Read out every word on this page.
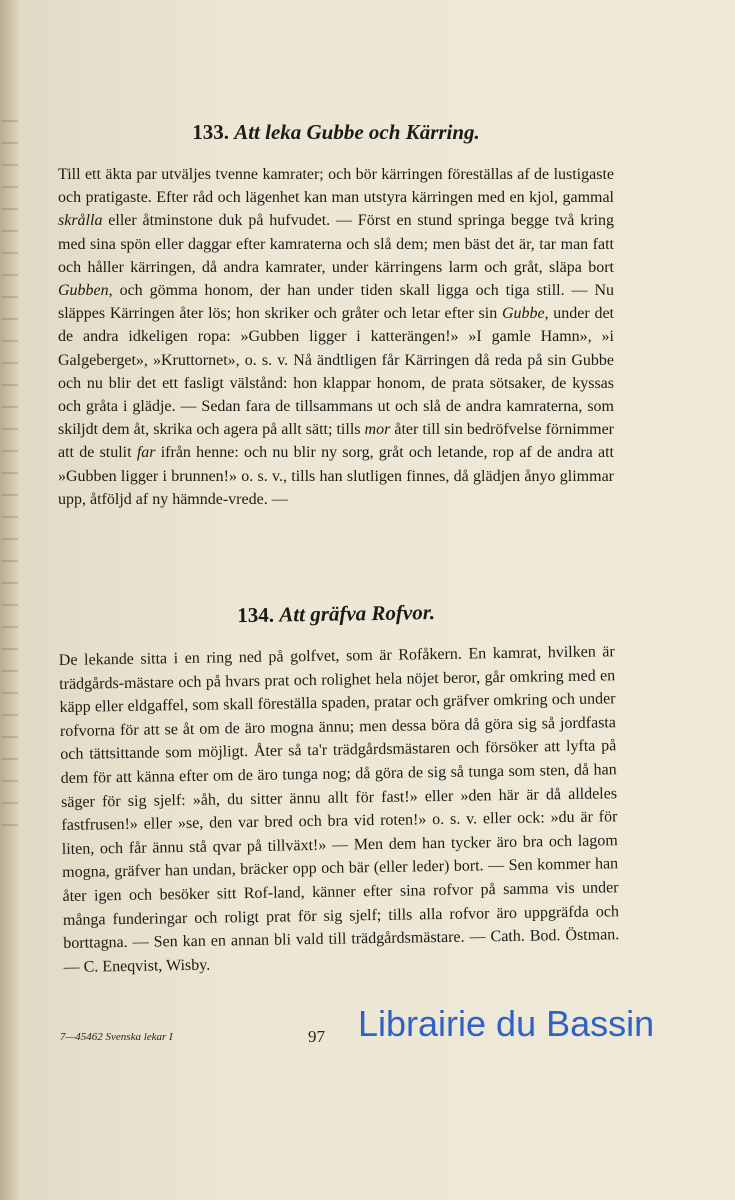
133. Att leka Gubbe och Kärring.

Till ett äkta par utväljes tvenne kamrater; och bör kärringen föreställas af de lustigaste och pratigaste. Efter råd och lägenhet kan man utstyra kärringen med en kjol, gammal skrålla eller åtminstone duk på hufvudet. — Först en stund springa begge två kring med sina spön eller daggar efter kamraterna och slå dem; men bäst det är, tar man fatt och håller kärringen, då andra kamrater, under kärringens larm och gråt, släpa bort Gubben, och gömma honom, der han under tiden skall ligga och tiga still. — Nu släppes Kärringen åter lös; hon skriker och gråter och letar efter sin Gubbe, under det de andra idkeligen ropa: »Gubben ligger i katterängen!» »I gamle Hamn», »i Galgeberget», »Kruttornet», o. s. v. Nå ändtligen får Kärringen då reda på sin Gubbe och nu blir det ett fasligt välstånd: hon klappar honom, de prata sötsaker, de kyssas och gråta i glädje. — Sedan fara de tillsammans ut och slå de andra kamraterna, som skiljdt dem åt, skrika och agera på allt sätt; tills mor åter till sin bedröfvelse förnimmer att de stulit far ifrån henne: och nu blir ny sorg, gråt och letande, rop af de andra att »Gubben ligger i brunnen!» o. s. v., tills han slutligen finnes, då glädjen ånyo glimmar upp, åtföljd af ny hämnde-vrede. —

134. Att gräfva Rofvor.

De lekande sitta i en ring ned på golfvet, som är Rofåkern. En kamrat, hvilken är trädgårds-mästare och på hvars prat och rolighet hela nöjet beror, går omkring med en käpp eller eldgaffel, som skall föreställa spaden, pratar och gräfver omkring och under rofvorna för att se åt om de äro mogna ännu; men dessa böra då göra sig så jordfasta och tättsittande som möjligt. Åter så ta'r trädgårdsmästaren och försöker att lyfta på dem för att känna efter om de äro tunga nog; då göra de sig så tunga som sten, då han säger för sig sjelf: »åh, du sitter ännu allt för fast!» eller »den här är då alldeles fastfrusen!» eller »se, den var bred och bra vid roten!» o. s. v. eller ock: »du är för liten, och får ännu stå qvar på tillväxt!» — Men dem han tycker äro bra och lagom mogna, gräfver han undan, bräcker opp och bär (eller leder) bort. — Sen kommer han åter igen och besöker sitt Rof-land, känner efter sina rofvor på samma vis under många funderingar och roligt prat för sig sjelf; tills alla rofvor äro uppgräfda och borttagna. — Sen kan en annan bli vald till trädgårdsmästare. — Cath. Bod. Östman. — C. Eneqvist, Wisby.

7—45462 Svenska lekar I	97 Librairie du Bassin
